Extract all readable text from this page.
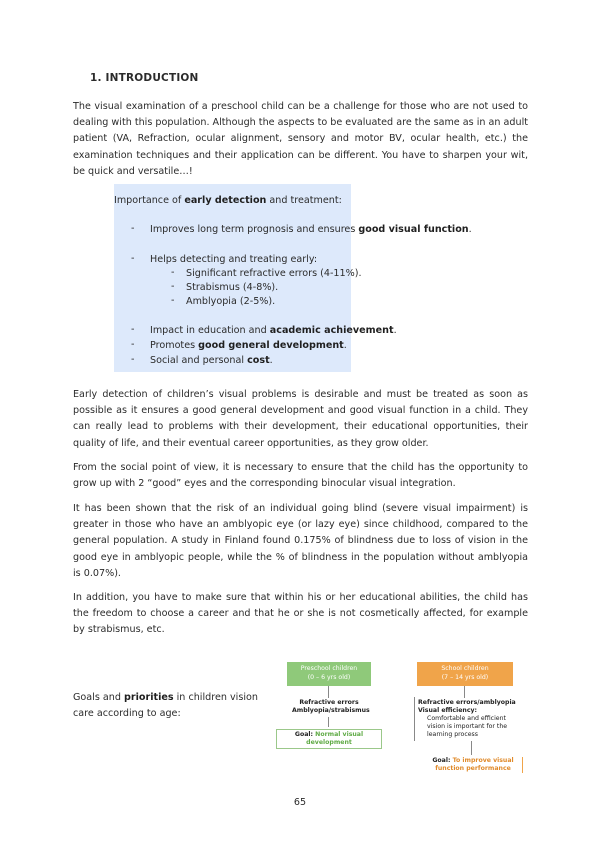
1. INTRODUCTION
The visual examination of a preschool child can be a challenge for those who are not used to dealing with this population. Although the aspects to be evaluated are the same as in an adult patient (VA, Refraction, ocular alignment, sensory and motor BV, ocular health, etc.) the examination techniques and their application can be different. You have to sharpen your wit, be quick and versatile…!
Importance of early detection and treatment:
- Improves long term prognosis and ensures good visual function.
- Helps detecting and treating early:
- Significant refractive errors (4-11%).
- Strabismus (4-8%).
- Amblyopia (2-5%).
- Impact in education and academic achievement.
- Promotes good general development.
- Social and personal cost.
Early detection of children’s visual problems is desirable and must be treated as soon as possible as it ensures a good general development and good visual function in a child. They can really lead to problems with their development, their educational opportunities, their quality of life, and their eventual career opportunities, as they grow older.
From the social point of view, it is necessary to ensure that the child has the opportunity to grow up with 2 “good” eyes and the corresponding binocular visual integration.
It has been shown that the risk of an individual going blind (severe visual impairment) is greater in those who have an amblyopic eye (or lazy eye) since childhood, compared to the general population. A study in Finland found 0.175% of blindness due to loss of vision in the good eye in amblyopic people, while the % of blindness in the population without amblyopia is 0.07%).
In addition, you have to make sure that within his or her educational abilities, the child has the freedom to choose a career and that he or she is not cosmetically affected, for example by strabismus, etc.
Goals and priorities in children vision care according to age:
Preschool children
(0 – 6 yrs old)
Refractive errors
Amblyopia/strabismus
Goal: Normal visual development
School children
(7 – 14 yrs old)
Refractive errors/amblyopia
Visual efficiency:
Comfortable and efficient vision is important for the learning process
Goal: To improve visual function performance
65
